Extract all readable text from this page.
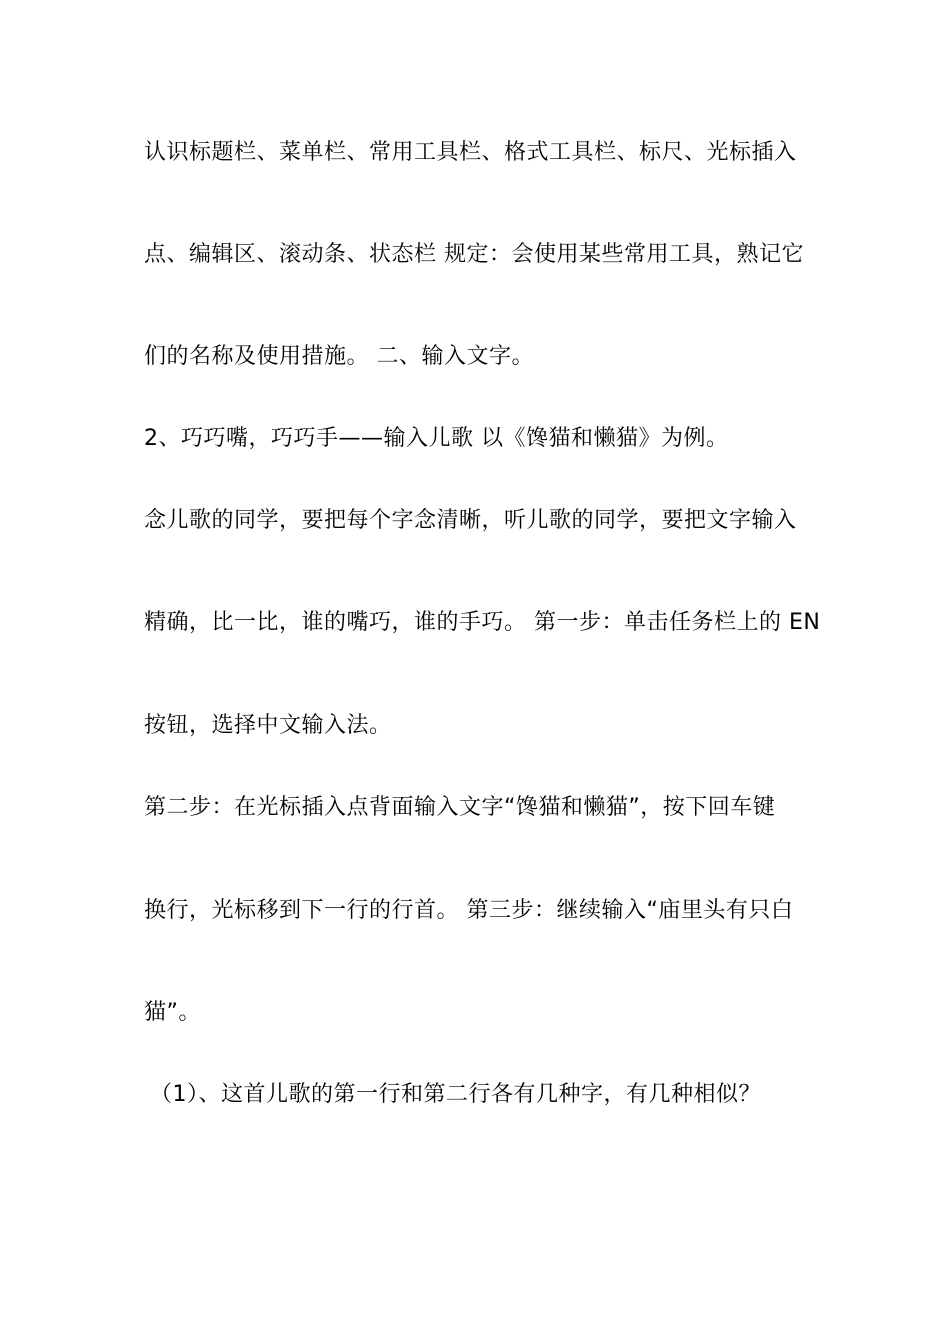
认识标题栏、菜单栏、常用工具栏、格式工具栏、标尺、光标插入
点、编辑区、滚动条、状态栏 规定：会使用某些常用工具，熟记它
们的名称及使用措施。 二、输入文字。
2、巧巧嘴，巧巧手——输入儿歌 以《馋猫和懒猫》为例。
念儿歌的同学，要把每个字念清晰，听儿歌的同学，要把文字输入
精确，比一比，谁的嘴巧，谁的手巧。 第一步：单击任务栏上的 EN
按钮，选择中文输入法。
第二步：在光标插入点背面输入文字“馋猫和懒猫”，按下回车键
换行，光标移到下一行的行首。 第三步：继续输入“庙里头有只白
猫”。
（1）、这首儿歌的第一行和第二行各有几种字，有几种相似？
